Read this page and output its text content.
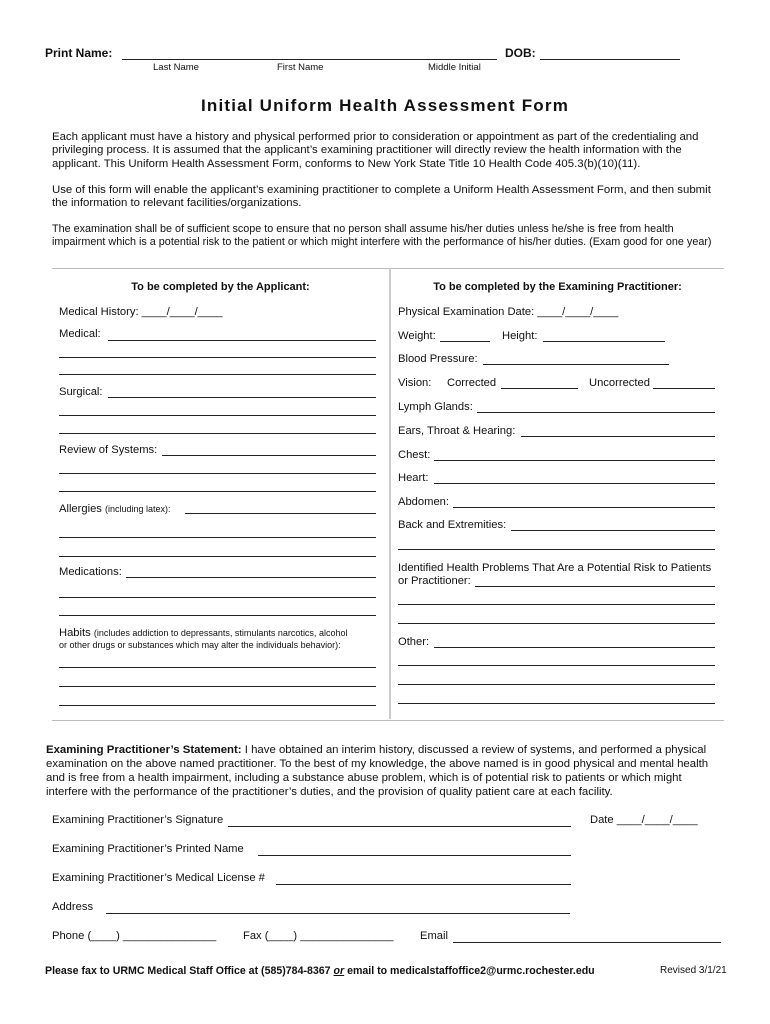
Print Name:	DOB:
Last Name	First Name	Middle Initial
Initial Uniform Health Assessment Form
Each applicant must have a history and physical performed prior to consideration or appointment as part of the credentialing and privileging process. It is assumed that the applicant’s examining practitioner will directly review the health information with the applicant. This Uniform Health Assessment Form, conforms to New York State Title 10 Health Code 405.3(b)(10)(11).
Use of this form will enable the applicant’s examining practitioner to complete a Uniform Health Assessment Form, and then submit the information to relevant facilities/organizations.
The examination shall be of sufficient scope to ensure that no person shall assume his/her duties unless he/she is free from health impairment which is a potential risk to the patient or which might interfere with the performance of his/her duties. (Exam good for one year)
To be completed by the Applicant:	To be completed by the Examining Practitioner:
Medical History: ____/____/____
Medical:
Surgical:
Review of Systems:
Allergies (including latex):
Medications:
Habits (includes addiction to depressants, stimulants narcotics, alcohol
or other drugs or substances which may alter the individuals behavior):
Physical Examination Date: ____/____/____
Weight:	Height:
Blood Pressure:
Vision: Corrected	Uncorrected
Lymph Glands:
Ears, Throat & Hearing:
Chest:
Heart:
Abdomen:
Back and Extremities:
Identified Health Problems That Are a Potential Risk to Patients
or Practitioner:
Other:
Examining Practitioner’s Statement: I have obtained an interim history, discussed a review of systems, and performed a physical examination on the above named practitioner. To the best of my knowledge, the above named is in good physical and mental health and is free from a health impairment, including a substance abuse problem, which is of potential risk to patients or which might interfere with the performance of the practitioner’s duties, and the provision of quality patient care at each facility.
Examining Practitioner’s Signature	Date ____/____/____
Examining Practitioner’s Printed Name
Examining Practitioner’s Medical License #
Address
Phone (____) _______________ Fax (____) _______________ Email
Please fax to URMC Medical Staff Office at (585)784-8367 or email to medicalstaffoffice2@urmc.rochester.edu	Revised 3/1/21
